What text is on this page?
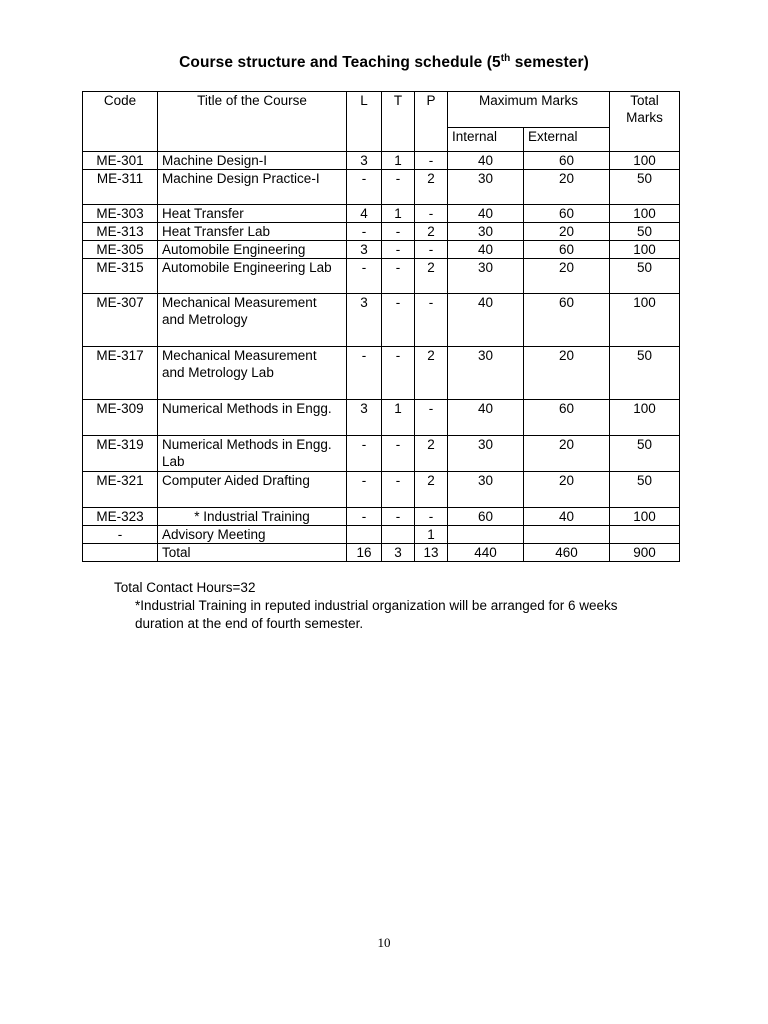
Course structure and Teaching schedule (5th semester)
Code	Title of the Course	L	T	P	Maximum Marks		Total Marks
					Internal	External	
ME-301	Machine Design-I	3	1	-	40	60	100
ME-311	Machine Design Practice-I	-	-	2	30	20	50
ME-303	Heat Transfer	4	1	-	40	60	100
ME-313	Heat Transfer Lab	-	-	2	30	20	50
ME-305	Automobile Engineering	3	-	-	40	60	100
ME-315	Automobile Engineering Lab	-	-	2	30	20	50
ME-307	Mechanical Measurement and Metrology	3	-	-	40	60	100
ME-317	Mechanical Measurement and Metrology Lab	-	-	2	30	20	50
ME-309	Numerical Methods in Engg.	3	1	-	40	60	100
ME-319	Numerical Methods in Engg. Lab	-	-	2	30	20	50
ME-321	Computer Aided Drafting	-	-	2	30	20	50
ME-323	* Industrial Training	-	-	-	60	40	100
-	Advisory Meeting			1			
	Total	16	3	13	440	460	900
Total Contact Hours=32
*Industrial Training in reputed industrial organization will be arranged for 6 weeks duration at the end of fourth semester.
10
